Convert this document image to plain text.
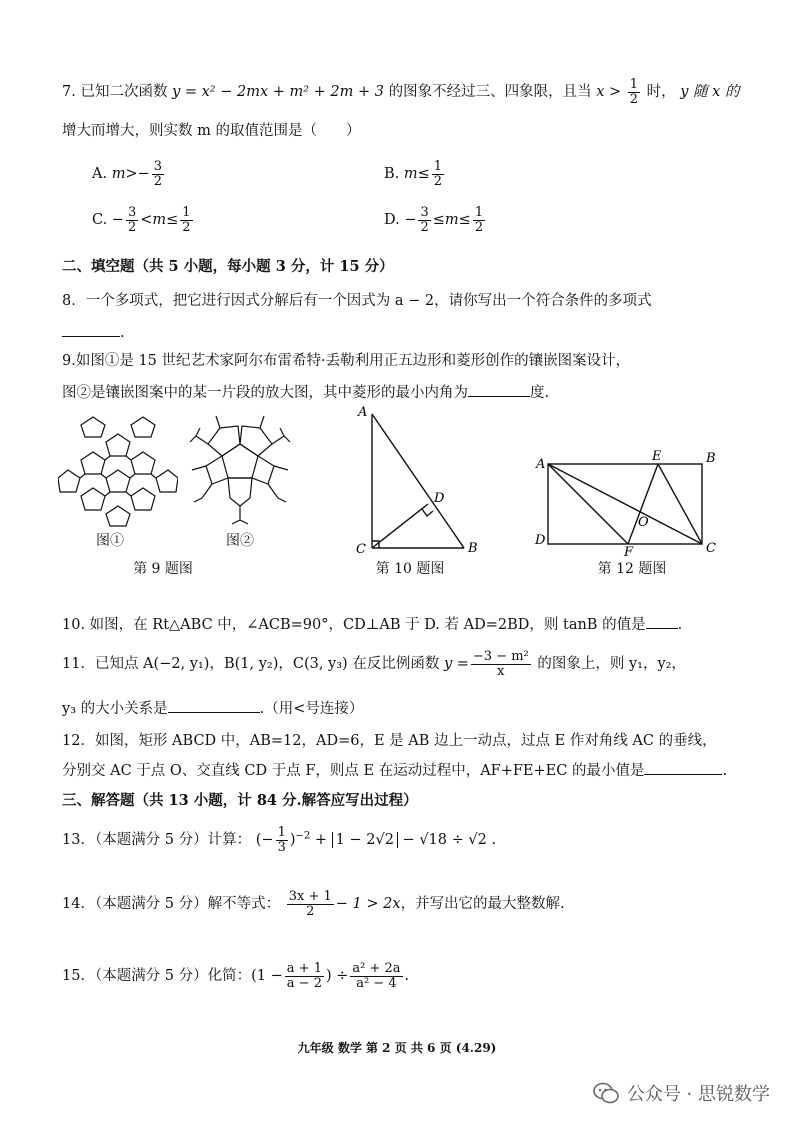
7. 已知二次函数 y = x² − 2mx + m² + 2m + 3 的图象不经过三、四象限，且当 $x > \frac{1}{2}$ 时， y 随 x 的
增大而增大，则实数 m 的取值范围是（　　）
A. $m>- \frac{3}{2}$	B. $m\le \frac{1}{2}$
C. − $\frac{3}{2} <m\le \frac{1}{2}$	D. − $\frac{3}{2} \le m\le \frac{1}{2}$
二、填空题（共 5 小题，每小题 3 分，计 15 分）
8．一个多项式，把它进行因式分解后有一个因式为 a − 2，请你写出一个符合条件的多项式
.
9.如图①是 15 世纪艺术家阿尔布雷希特·丢勒利用正五边形和菱形创作的镶嵌图案设计，
图②是镶嵌图案中的某一片段的放大图，其中菱形的最小内角为	度.
图①	图②
第 9 题图
A
B
C
D
第 10 题图
A	B
C
D
E
F
O
第 12 题图
10. 如图，在 Rt△ABC 中，∠ACB=90°，CD⊥AB 于 D. 若 AD=2BD，则 tanB 的值是 .
11．已知点 A(−2, y₁)，B(1, y₂)，C(3, y₃) 在反比例函数 $y = \frac{\text{−3 − m²}}{x}$ 的图象上，则 y₁，y₂，
y₃ 的大小关系是	.（用<号连接）
12．如图，矩形 ABCD 中，AB=12，AD=6，E 是 AB 边上一动点，过点 E 作对角线 AC 的垂线，
分别交 AC 于点 O、交直线 CD 于点 F，则点 E 在运动过程中，AF+FE+EC 的最小值是	.
三、解答题（共 13 小题，计 84 分.解答应写出过程）
13．（本题满分 5 分）计算： (− $\frac{1}{3} )^{-2} + 1 - 2√2 - √18 \div √2$ .
14．（本题满分 5 分）解不等式： $\frac{3x + 1}{2} - 1 > 2x$，并写出它的最大整数解.
15．（本题满分 5 分）化简：($1 - \frac{a + 1}{a - 2}$ ) ÷ $\frac{\text{a² + 2a}}{\text{a² − 4}}$ .
九年级 数学 第 2 页 共 6 页 (4.29)
公众号 · 思锐数学
